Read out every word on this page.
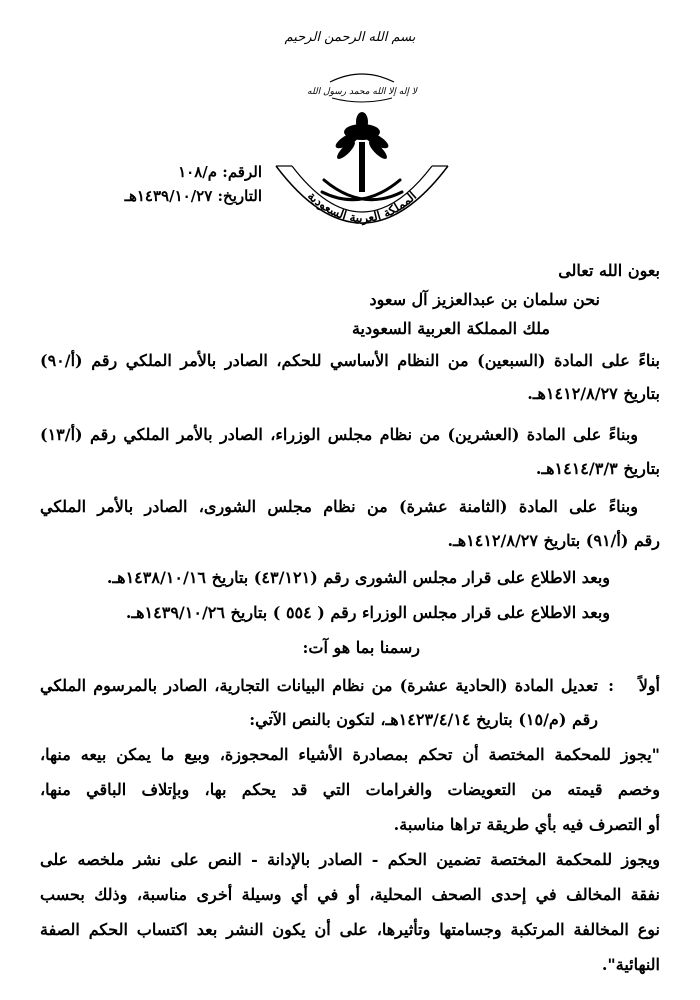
بسم الله الرحمن الرحيم
لا إله إلا الله محمد رسول الله
المملكة العربية السعودية
الرقم: م/١٠٨
التاريخ: ١٤٣٩/١٠/٢٧هـ
بعون الله تعالى
نحن سلمان بن عبدالعزيز آل سعود
ملك المملكة العربية السعودية
بناءً على المادة (السبعين) من النظام الأساسي للحكم، الصادر بالأمر الملكي رقم (أ/٩٠)
بتاريخ ١٤١٢/٨/٢٧هـ.
وبناءً على المادة (العشرين) من نظام مجلس الوزراء، الصادر بالأمر الملكي رقم (أ/١٣)
بتاريخ ١٤١٤/٣/٣هـ.
وبناءً على المادة (الثامنة عشرة) من نظام مجلس الشورى، الصادر بالأمر الملكي
رقم (أ/٩١) بتاريخ ١٤١٢/٨/٢٧هـ.
وبعد الاطلاع على قرار مجلس الشورى رقم (٤٣/١٢١) بتاريخ ١٤٣٨/١٠/١٦هـ.
وبعد الاطلاع على قرار مجلس الوزراء رقم ( ٥٥٤ ) بتاريخ ١٤٣٩/١٠/٢٦هـ.
رسمنا بما هو آت:
أولاً
:
تعديل المادة (الحادية عشرة) من نظام البيانات التجارية، الصادر بالمرسوم الملكي
رقم (م/١٥) بتاريخ ١٤٢٣/٤/١٤هـ، لتكون بالنص الآتي:
"يجوز للمحكمة المختصة أن تحكم بمصادرة الأشياء المحجوزة، وبيع ما يمكن بيعه منها،
وخصم قيمته من التعويضات والغرامات التي قد يحكم بها، وبإتلاف الباقي منها،
أو التصرف فيه بأي طريقة تراها مناسبة.
ويجوز للمحكمة المختصة تضمين الحكم - الصادر بالإدانة - النص على نشر ملخصه على
نفقة المخالف في إحدى الصحف المحلية، أو في أي وسيلة أخرى مناسبة، وذلك بحسب
نوع المخالفة المرتكبة وجسامتها وتأثيرها، على أن يكون النشر بعد اكتساب الحكم الصفة
النهائية".
